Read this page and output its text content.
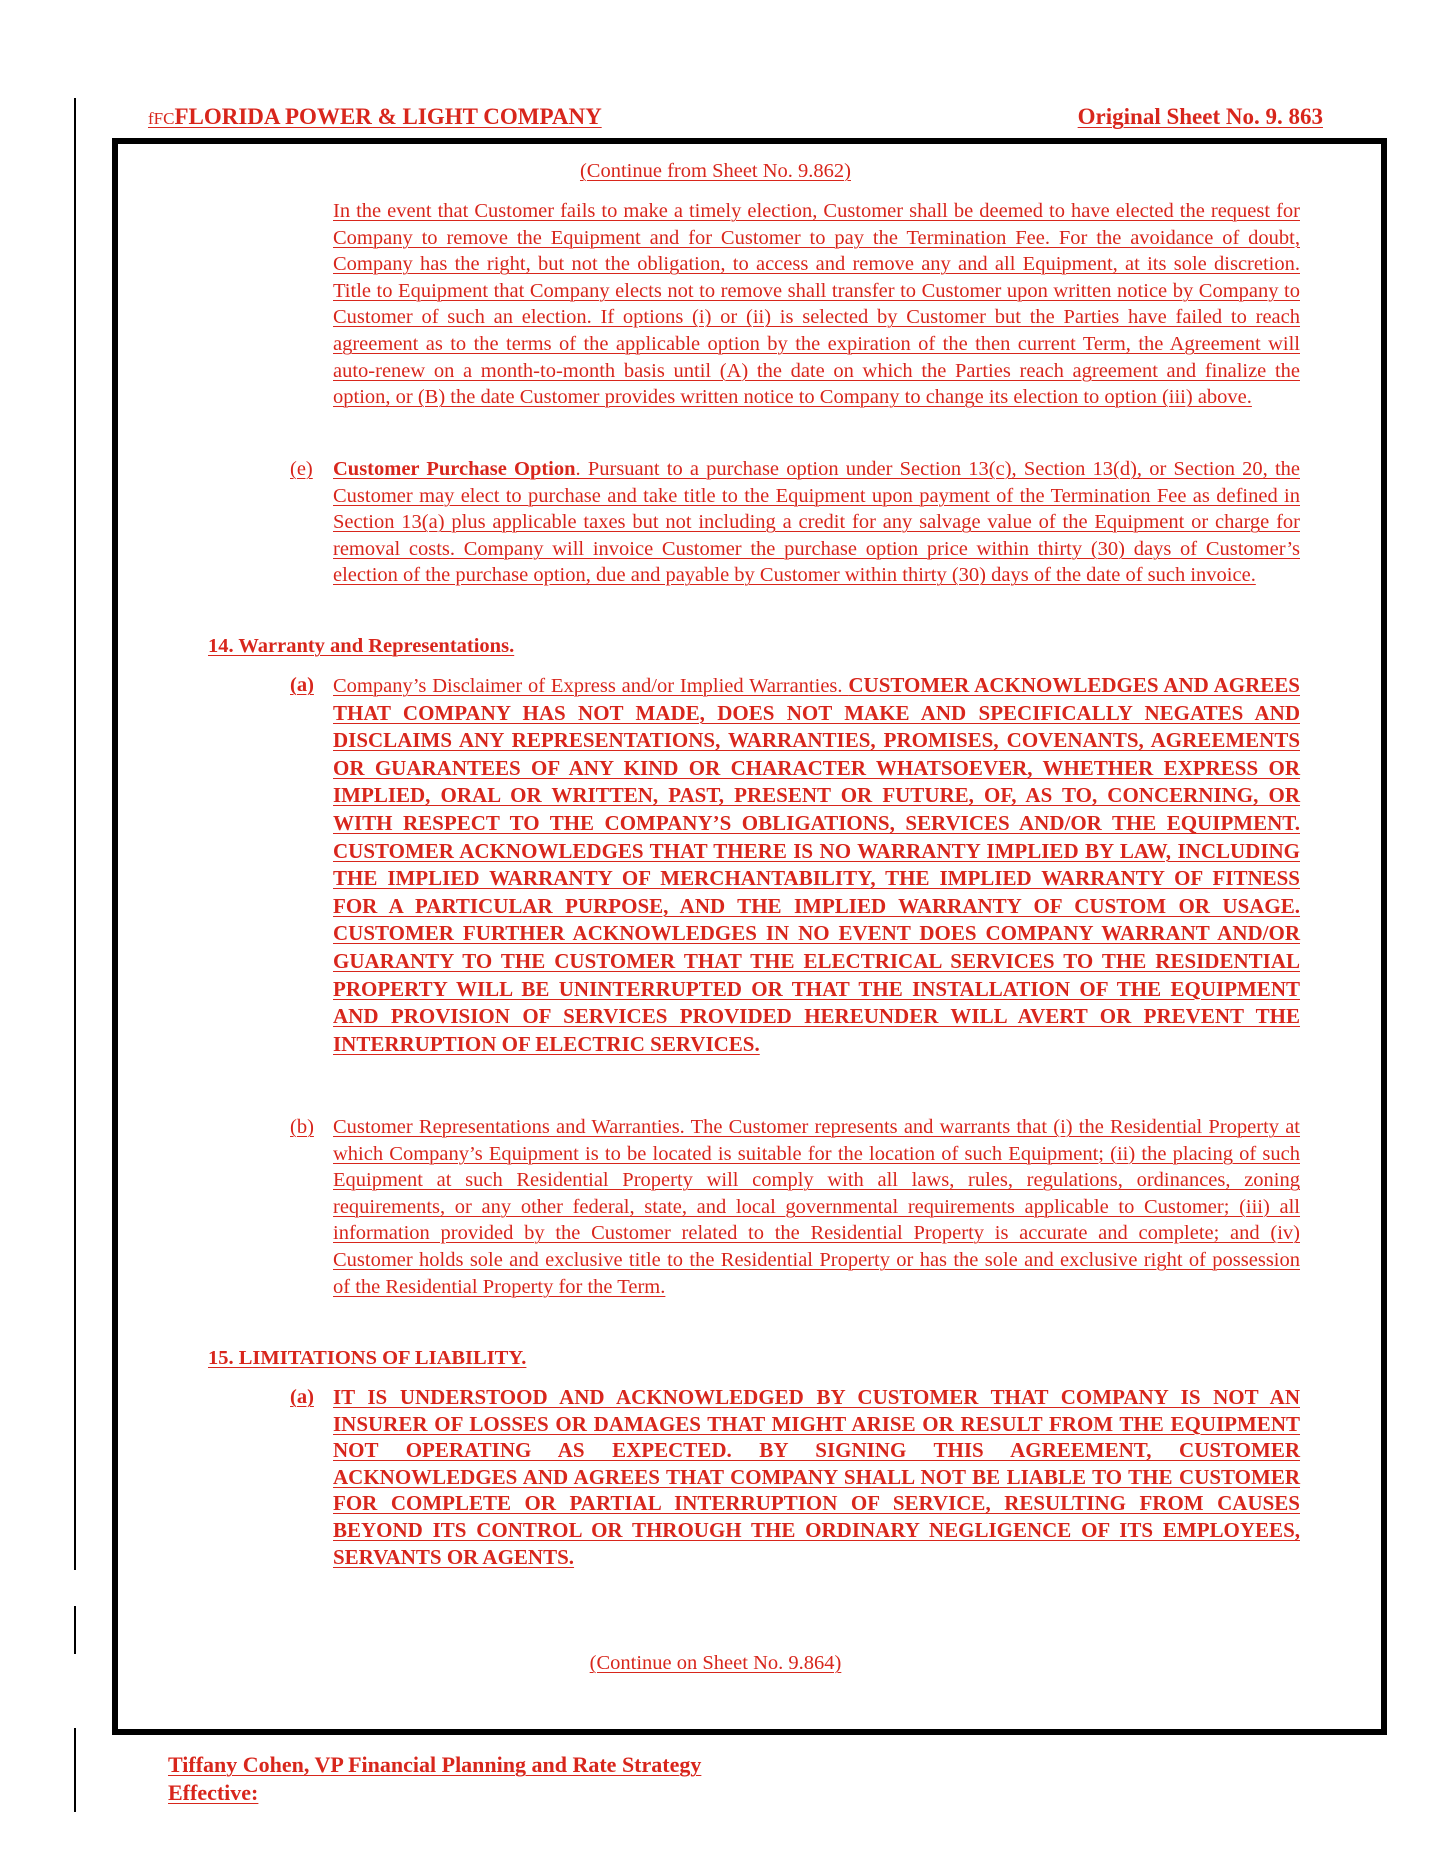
fFCFLORIDA POWER & LIGHT COMPANY	Original Sheet No. 9. 863
(Continue from Sheet No. 9.862)
In the event that Customer fails to make a timely election, Customer shall be deemed to have elected the request for Company to remove the Equipment and for Customer to pay the Termination Fee. For the avoidance of doubt, Company has the right, but not the obligation, to access and remove any and all Equipment, at its sole discretion. Title to Equipment that Company elects not to remove shall transfer to Customer upon written notice by Company to Customer of such an election. If options (i) or (ii) is selected by Customer but the Parties have failed to reach agreement as to the terms of the applicable option by the expiration of the then current Term, the Agreement will auto-renew on a month-to-month basis until (A) the date on which the Parties reach agreement and finalize the option, or (B) the date Customer provides written notice to Company to change its election to option (iii) above.
(e) Customer Purchase Option. Pursuant to a purchase option under Section 13(c), Section 13(d), or Section 20, the Customer may elect to purchase and take title to the Equipment upon payment of the Termination Fee as defined in Section 13(a) plus applicable taxes but not including a credit for any salvage value of the Equipment or charge for removal costs. Company will invoice Customer the purchase option price within thirty (30) days of Customer’s election of the purchase option, due and payable by Customer within thirty (30) days of the date of such invoice.
14. Warranty and Representations.
(a) Company’s Disclaimer of Express and/or Implied Warranties. CUSTOMER ACKNOWLEDGES AND AGREES THAT COMPANY HAS NOT MADE, DOES NOT MAKE AND SPECIFICALLY NEGATES AND DISCLAIMS ANY REPRESENTATIONS, WARRANTIES, PROMISES, COVENANTS, AGREEMENTS OR GUARANTEES OF ANY KIND OR CHARACTER WHATSOEVER, WHETHER EXPRESS OR IMPLIED, ORAL OR WRITTEN, PAST, PRESENT OR FUTURE, OF, AS TO, CONCERNING, OR WITH RESPECT TO THE COMPANY’S OBLIGATIONS, SERVICES AND/OR THE EQUIPMENT. CUSTOMER ACKNOWLEDGES THAT THERE IS NO WARRANTY IMPLIED BY LAW, INCLUDING THE IMPLIED WARRANTY OF MERCHANTABILITY, THE IMPLIED WARRANTY OF FITNESS FOR A PARTICULAR PURPOSE, AND THE IMPLIED WARRANTY OF CUSTOM OR USAGE. CUSTOMER FURTHER ACKNOWLEDGES IN NO EVENT DOES COMPANY WARRANT AND/OR GUARANTY TO THE CUSTOMER THAT THE ELECTRICAL SERVICES TO THE RESIDENTIAL PROPERTY WILL BE UNINTERRUPTED OR THAT THE INSTALLATION OF THE EQUIPMENT AND PROVISION OF SERVICES PROVIDED HEREUNDER WILL AVERT OR PREVENT THE INTERRUPTION OF ELECTRIC SERVICES.
(b) Customer Representations and Warranties. The Customer represents and warrants that (i) the Residential Property at which Company’s Equipment is to be located is suitable for the location of such Equipment; (ii) the placing of such Equipment at such Residential Property will comply with all laws, rules, regulations, ordinances, zoning requirements, or any other federal, state, and local governmental requirements applicable to Customer; (iii) all information provided by the Customer related to the Residential Property is accurate and complete; and (iv) Customer holds sole and exclusive title to the Residential Property or has the sole and exclusive right of possession of the Residential Property for the Term.
15. LIMITATIONS OF LIABILITY.
(a) IT IS UNDERSTOOD AND ACKNOWLEDGED BY CUSTOMER THAT COMPANY IS NOT AN INSURER OF LOSSES OR DAMAGES THAT MIGHT ARISE OR RESULT FROM THE EQUIPMENT NOT OPERATING AS EXPECTED. BY SIGNING THIS AGREEMENT, CUSTOMER ACKNOWLEDGES AND AGREES THAT COMPANY SHALL NOT BE LIABLE TO THE CUSTOMER FOR COMPLETE OR PARTIAL INTERRUPTION OF SERVICE, RESULTING FROM CAUSES BEYOND ITS CONTROL OR THROUGH THE ORDINARY NEGLIGENCE OF ITS EMPLOYEES, SERVANTS OR AGENTS.
(Continue on Sheet No. 9.864)
Tiffany Cohen, VP Financial Planning and Rate Strategy
Effective:
